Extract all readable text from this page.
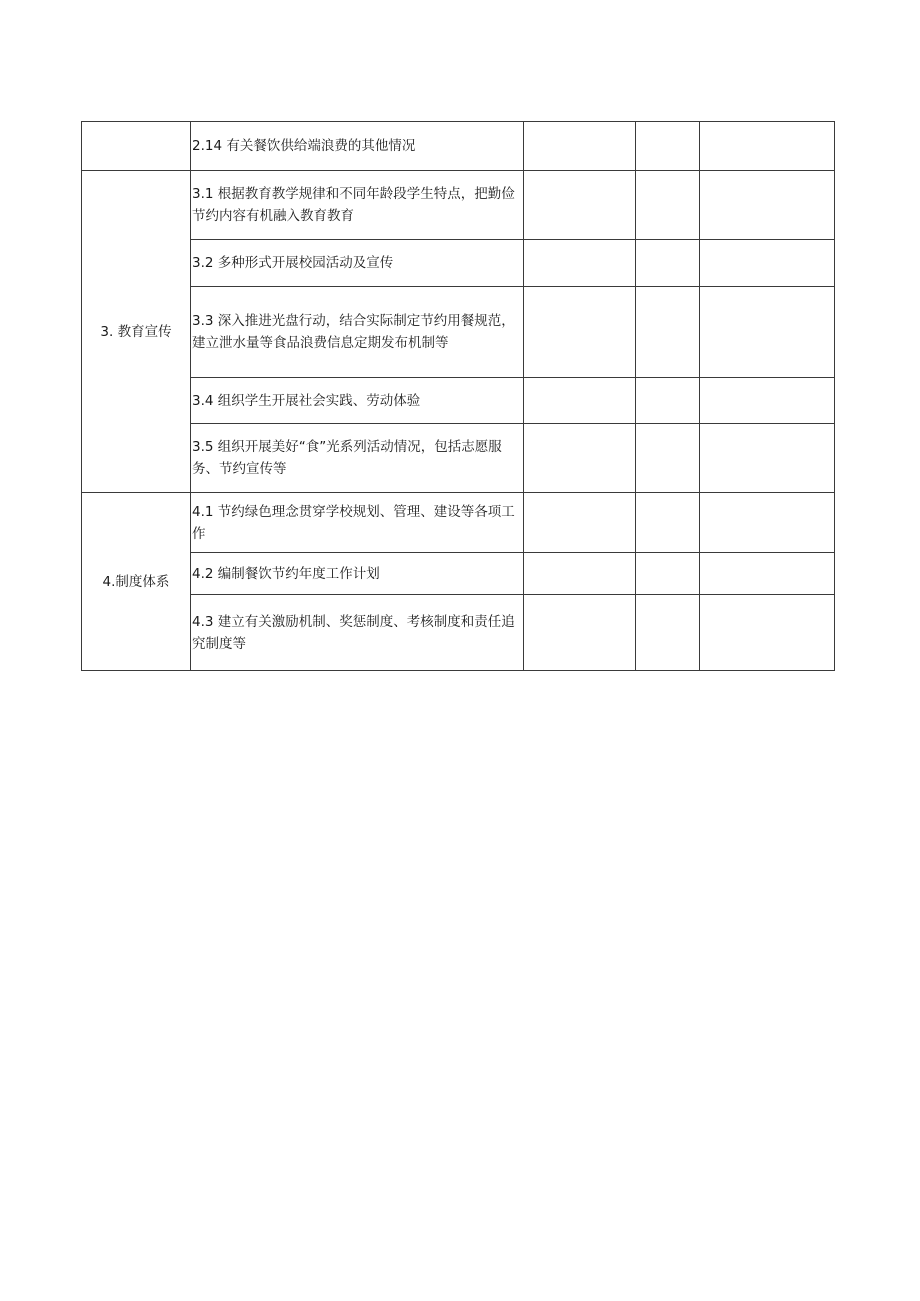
	2.14 有关餐饮供给端浪费的其他情况			
3. 教育宣传	3.1 根据教育教学规律和不同年龄段学生特点，把勤俭节约内容有机融入教育教育			
	3.2 多种形式开展校园活动及宣传			
	3.3 深入推进光盘行动，结合实际制定节约用餐规范，建立泄水量等食品浪费信息定期发布机制等			
	3.4 组织学生开展社会实践、劳动体验			
	3.5 组织开展美好“食”光系列活动情况，包括志愿服务、节约宣传等			
4.制度体系	4.1 节约绿色理念贯穿学校规划、管理、建设等各项工作			
	4.2 编制餐饮节约年度工作计划			
	4.3 建立有关激励机制、奖惩制度、考核制度和责任追究制度等			
